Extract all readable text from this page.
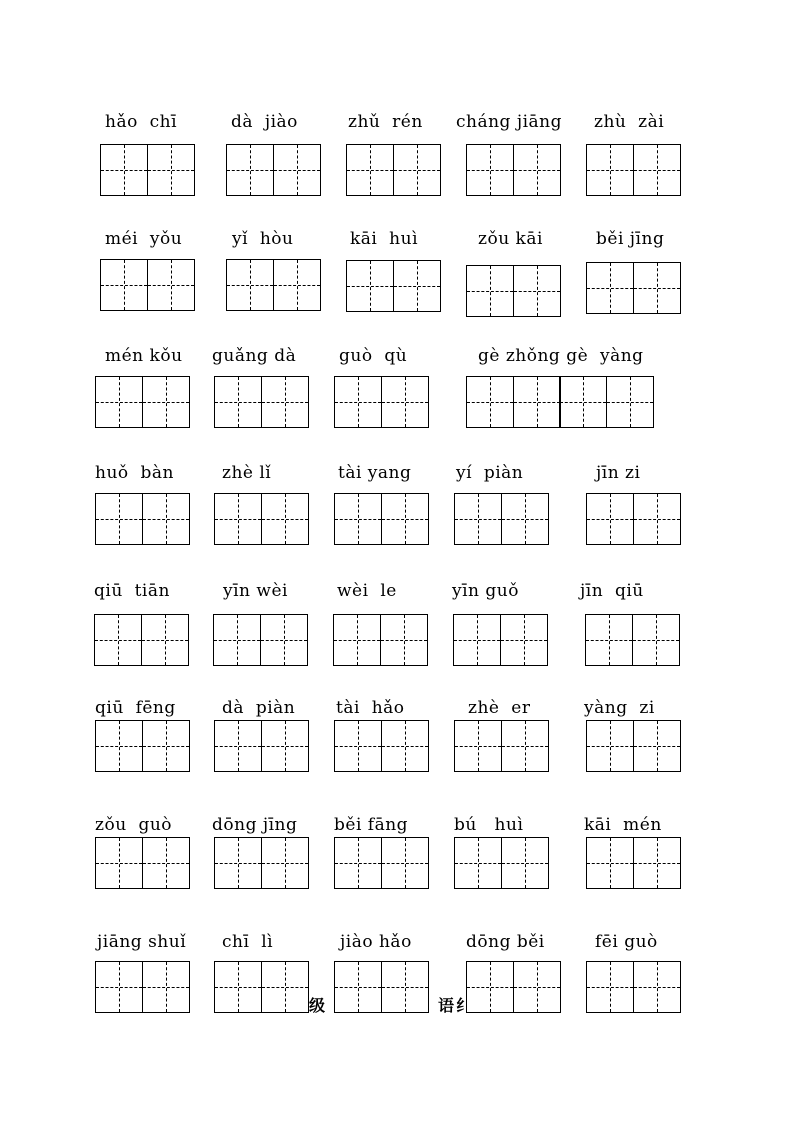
fēi guò
dōng běi
jiào hǎo
chī  lì
jiāng shuǐ
kāi  mén
bú   huì
běi fāng
dōng jīng
zǒu  guò
yàng  zi
zhè  er
tài  hǎo
dà  piàn
qiū  fēng
jīn  qiū
yīn guǒ
wèi  le
yīn wèi
qiū  tiān
jīn zi
yí  piàn
tài yang
zhè lǐ
huǒ  bàn
gè zhǒng gè  yàng
guò  qù
guǎng dà
mén kǒu
běi jīng
zǒu kāi
kāi  huì
yǐ  hòu
méi  yǒu
zhù  zài
cháng jiāng
zhǔ  rén
dà  jiào
hǎo  chī
级	语 纟
